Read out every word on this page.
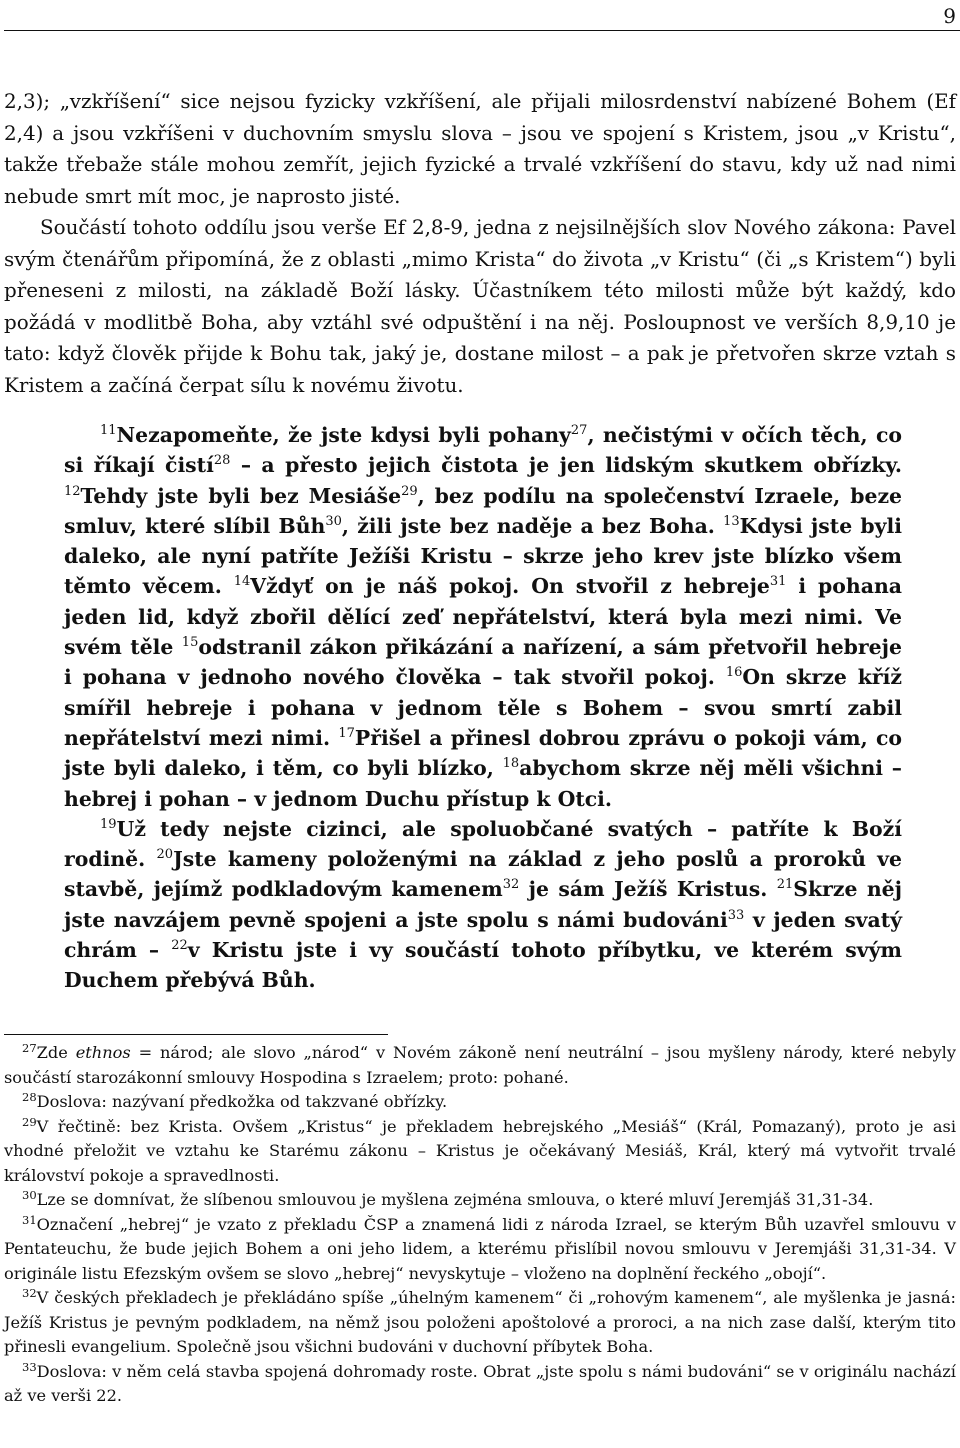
9

2,3); „vzkříšení“ sice nejsou fyzicky vzkříšení, ale přijali milosrdenství nabízené Bohem (Ef 2,4) a jsou vzkříšeni v duchovním smyslu slova – jsou ve spojení s Kristem, jsou „v Kristu“, takže třebaže stále mohou zemřít, jejich fyzické a trvalé vzkříšení do stavu, kdy už nad nimi nebude smrt mít moc, je naprosto jisté.

Součástí tohoto oddílu jsou verše Ef 2,8-9, jedna z nejsilnějších slov Nového zákona: Pavel svým čtenářům připomíná, že z oblasti „mimo Krista“ do života „v Kristu“ (či „s Kristem“) byli přeneseni z milosti, na základě Boží lásky. Účastníkem této milosti může být každý, kdo požádá v modlitbě Boha, aby vztáhl své odpuštění i na něj. Posloupnost ve verších 8,9,10 je tato: když člověk přijde k Bohu tak, jaký je, dostane milost – a pak je přetvořen skrze vztah s Kristem a začíná čerpat sílu k novému životu.

$^{11}$Nezapomeňte, že jste kdysi byli pohany$^{27}$, nečistými v očích těch, co si říkají čistí$^{28}$ – a přesto jejich čistota je jen lidským skutkem obřízky. $^{12}$Tehdy jste byli bez Mesiáše$^{29}$, bez podílu na společenství Izraele, beze smluv, které slíbil Bůh$^{30}$, žili jste bez naděje a bez Boha. $^{13}$Kdysi jste byli daleko, ale nyní patříte Ježíši Kristu – skrze jeho krev jste blízko všem těmto věcem. $^{14}$Vždyť on je náš pokoj. On stvořil z hebreje$^{31}$ i pohana jeden lid, když zbořil dělící zeď nepřátelství, která byla mezi nimi. Ve svém těle $^{15}$odstranil zákon přikázání a nařízení, a sám přetvořil hebreje i pohana v jednoho nového člověka – tak stvořil pokoj. $^{16}$On skrze kříž smířil hebreje i pohana v jednom těle s Bohem – svou smrtí zabil nepřátelství mezi nimi. $^{17}$Přišel a přinesl dobrou zprávu o pokoji vám, co jste byli daleko, i těm, co byli blízko, $^{18}$abychom skrze něj měli všichni – hebrej i pohan – v jednom Duchu přístup k Otci.

$^{19}$Už tedy nejste cizinci, ale spoluobčané svatých – patříte k Boží rodině. $^{20}$Jste kameny položenými na základ z jeho poslů a proroků ve stavbě, jejímž podkladovým kamenem$^{32}$ je sám Ježíš Kristus. $^{21}$Skrze něj jste navzájem pevně spojeni a jste spolu s námi budováni$^{33}$ v jeden svatý chrám – $^{22}$v Kristu jste i vy součástí tohoto příbytku, ve kterém svým Duchem přebývá Bůh.

$^{27}$Zde ethnos = národ; ale slovo „národ“ v Novém zákoně není neutrální – jsou myšleny národy, které nebyly součástí starozákonní smlouvy Hospodina s Izraelem; proto: pohané.

$^{28}$Doslova: nazývaní předkožka od takzvané obřízky.

$^{29}$V řečtině: bez Krista. Ovšem „Kristus“ je překladem hebrejského „Mesiáš“ (Král, Pomazaný), proto je asi vhodné přeložit ve vztahu ke Starému zákonu – Kristus je očekávaný Mesiáš, Král, který má vytvořit trvalé království pokoje a spravedlnosti.

$^{30}$Lze se domnívat, že slíbenou smlouvou je myšlena zejména smlouva, o které mluví Jeremjáš 31,31-34.

$^{31}$Označení „hebrej“ je vzato z překladu ČSP a znamená lidi z národa Izrael, se kterým Bůh uzavřel smlouvu v Pentateuchu, že bude jejich Bohem a oni jeho lidem, a kterému přislíbil novou smlouvu v Jeremjáši 31,31-34. V originále listu Efezským ovšem se slovo „hebrej“ nevyskytuje – vloženo na doplnění řeckého „obojí“.

$^{32}$V českých překladech je překládáno spíše „úhelným kamenem“ či „rohovým kamenem“, ale myšlenka je jasná: Ježíš Kristus je pevným podkladem, na němž jsou položeni apoštolové a proroci, a na nich zase další, kterým tito přinesli evangelium. Společně jsou všichni budováni v duchovní příbytek Boha.

$^{33}$Doslova: v něm celá stavba spojená dohromady roste. Obrat „jste spolu s námi budováni“ se v originálu nachází až ve verši 22.
